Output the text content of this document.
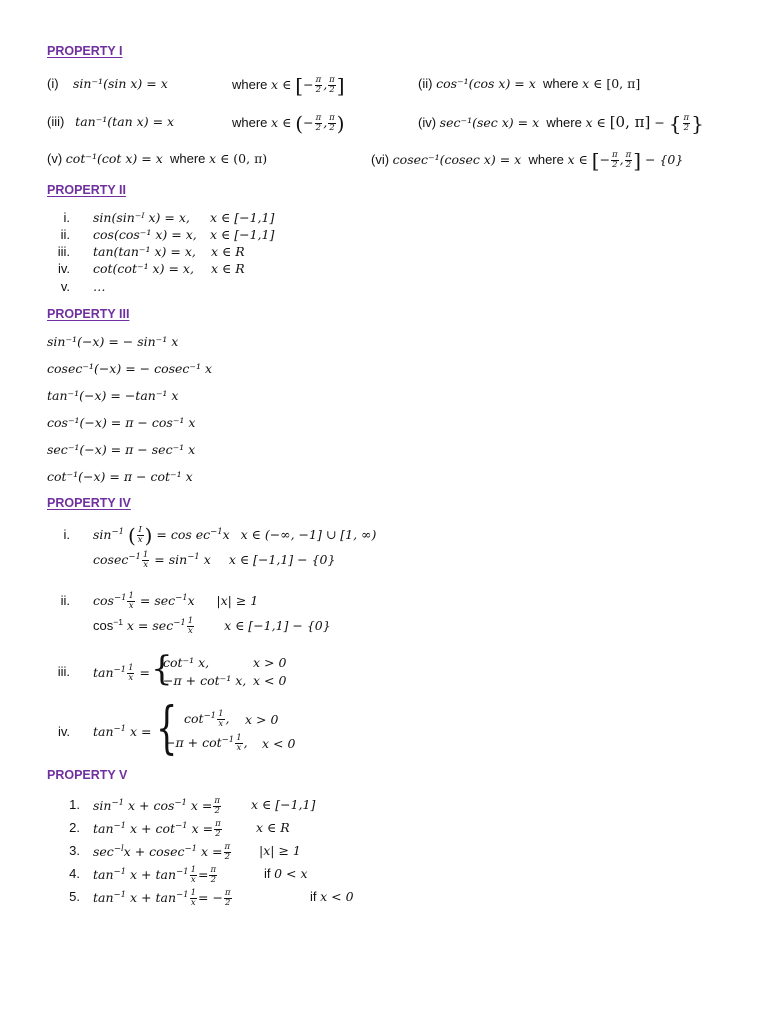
PROPERTY I
(i) sin⁻¹(sin x) = x	where x ∈ [− $\frac{\pi}{2}$ , $\frac{\pi}{2}$ ]	(ii) cos⁻¹(cos x) = x where x ∈ [0, π]
(iii) tan⁻¹(tan x) = x	where x ∈ (− $\frac{\pi}{2}$ , $\frac{\pi}{2}$ )	(iv) sec⁻¹(sec x) = x where x ∈ [0, π] − { $\frac{\pi}{2}$ }
(v) cot⁻¹(cot x) = x where x ∈ (0, π)	(vi) cosec⁻¹(cosec x) = x where x ∈ [− $\frac{\pi}{2}$ , $\frac{\pi}{2}$ ] − {0}
PROPERTY II
i. sin(sin⁻ᴵ x) = x, x ∈ [−1,1]
ii. cos(cos⁻¹ x) = x, x ∈ [−1,1]
iii. tan(tan⁻¹ x) = x, x ∈ R
iv. cot(cot⁻¹ x) = x, x ∈ R
v. …
PROPERTY III
sin⁻¹(−x) = − sin⁻¹ x
cosec⁻¹(−x) = − cosec⁻¹ x
tan⁻¹(−x) = −tan⁻¹ x
cos⁻¹(−x) = π − cos⁻¹ x
sec⁻¹(−x) = π − sec⁻¹ x
cot⁻¹(−x) = π − cot⁻¹ x
PROPERTY IV
i. $\sin^{-1}$ ( $\frac{I}{x}$ ) = $\cos ec^{-1}x$ x ∈ (−∞, −1] ∪ [1, ∞)
$cosec^{-1} \frac{1}{x} = \sin^{-1} x$ x ∈ [−1,1] − {0}
ii. $\cos^{-1} \frac{1}{x} = \sec^{-1}x$ |x| ≥ 1
$\cos^{-1} x = \sec^{-1} \frac{1}{x}$ x ∈ [−1,1] − {0}
iii. $\tan^{-1} \frac{1}{x}$ = {
cot⁻¹ x,	x > 0
−π + cot⁻¹ x, x < 0
iv. $\tan^{-1} x$ = { $\cot^{-1} \frac{1}{x}$ , x > 0
$-\pi + \cot^{-1} \frac{1}{x}$ , x < 0
PROPERTY V
1. $\sin^{-1} x + \cos^{-1} x = \frac{\pi}{2}$ x ∈ [−1,1]
2. $\tan^{-1} x + \cot^{-1} x = \frac{\pi}{2}$	x ∈ R
3. $\sec^{-l}x + cosec^{-1}$ $x = \frac{\pi}{2} |x| \ge 1$
4. $\tan^{-1} x + \tan^{-1} \frac{1}{x} = \frac{\pi}{2}$	if 0 < x
5. $\tan^{-1} x + \tan^{-1} \frac{1}{x}$ = − $\frac{\pi}{2}$	if x < 0
